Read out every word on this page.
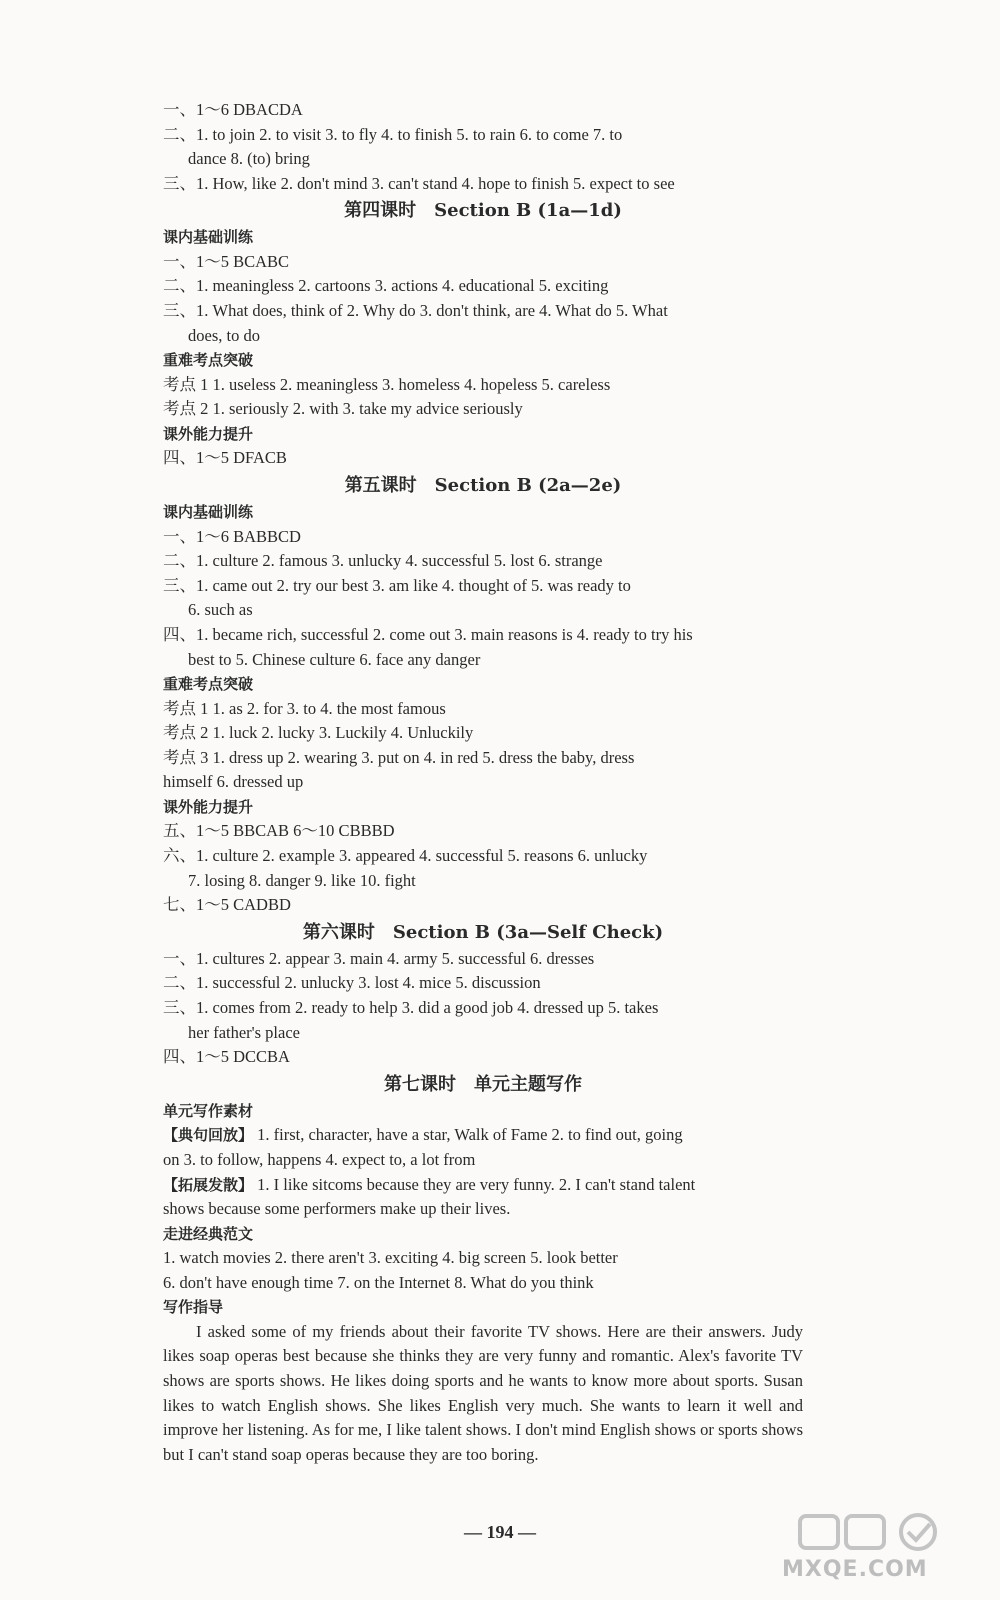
一、1～6 DBACDA
二、1. to join 2. to visit 3. to fly 4. to finish 5. to rain 6. to come 7. to
dance 8. (to) bring
三、1. How, like 2. don't mind 3. can't stand 4. hope to finish 5. expect to see
第四课时　Section B (1a—1d)
课内基础训练
一、1～5 BCABC
二、1. meaningless 2. cartoons 3. actions 4. educational 5. exciting
三、1. What does, think of 2. Why do 3. don't think, are 4. What do 5. What
does, to do
重难考点突破
考点 1 1. useless 2. meaningless 3. homeless 4. hopeless 5. careless
考点 2 1. seriously 2. with 3. take my advice seriously
课外能力提升
四、1～5 DFACB
第五课时　Section B (2a—2e)
课内基础训练
一、1～6 BABBCD
二、1. culture 2. famous 3. unlucky 4. successful 5. lost 6. strange
三、1. came out 2. try our best 3. am like 4. thought of 5. was ready to
6. such as
四、1. became rich, successful 2. come out 3. main reasons is 4. ready to try his
best to 5. Chinese culture 6. face any danger
重难考点突破
考点 1 1. as 2. for 3. to 4. the most famous
考点 2 1. luck 2. lucky 3. Luckily 4. Unluckily
考点 3 1. dress up 2. wearing 3. put on 4. in red 5. dress the baby, dress
himself 6. dressed up
课外能力提升
五、1～5 BBCAB 6～10 CBBBD
六、1. culture 2. example 3. appeared 4. successful 5. reasons 6. unlucky
7. losing 8. danger 9. like 10. fight
七、1～5 CADBD
第六课时　Section B (3a—Self Check)
一、1. cultures 2. appear 3. main 4. army 5. successful 6. dresses
二、1. successful 2. unlucky 3. lost 4. mice 5. discussion
三、1. comes from 2. ready to help 3. did a good job 4. dressed up 5. takes
her father's place
四、1～5 DCCBA
第七课时　单元主题写作
单元写作素材
【典句回放】 1. first, character, have a star, Walk of Fame 2. to find out, going
on 3. to follow, happens 4. expect to, a lot from
【拓展发散】 1. I like sitcoms because they are very funny. 2. I can't stand talent
shows because some performers make up their lives.
走进经典范文
1. watch movies 2. there aren't 3. exciting 4. big screen 5. look better
6. don't have enough time 7. on the Internet 8. What do you think
写作指导
I asked some of my friends about their favorite TV shows. Here are their answers. Judy likes soap operas best because she thinks they are very funny and romantic. Alex's favorite TV shows are sports shows. He likes doing sports and he wants to know more about sports. Susan likes to watch English shows. She likes English very much. She wants to learn it well and improve her listening. As for me, I like talent shows. I don't mind English shows or sports shows but I can't stand soap operas because they are too boring.
— 194 —
MXQE.COM
